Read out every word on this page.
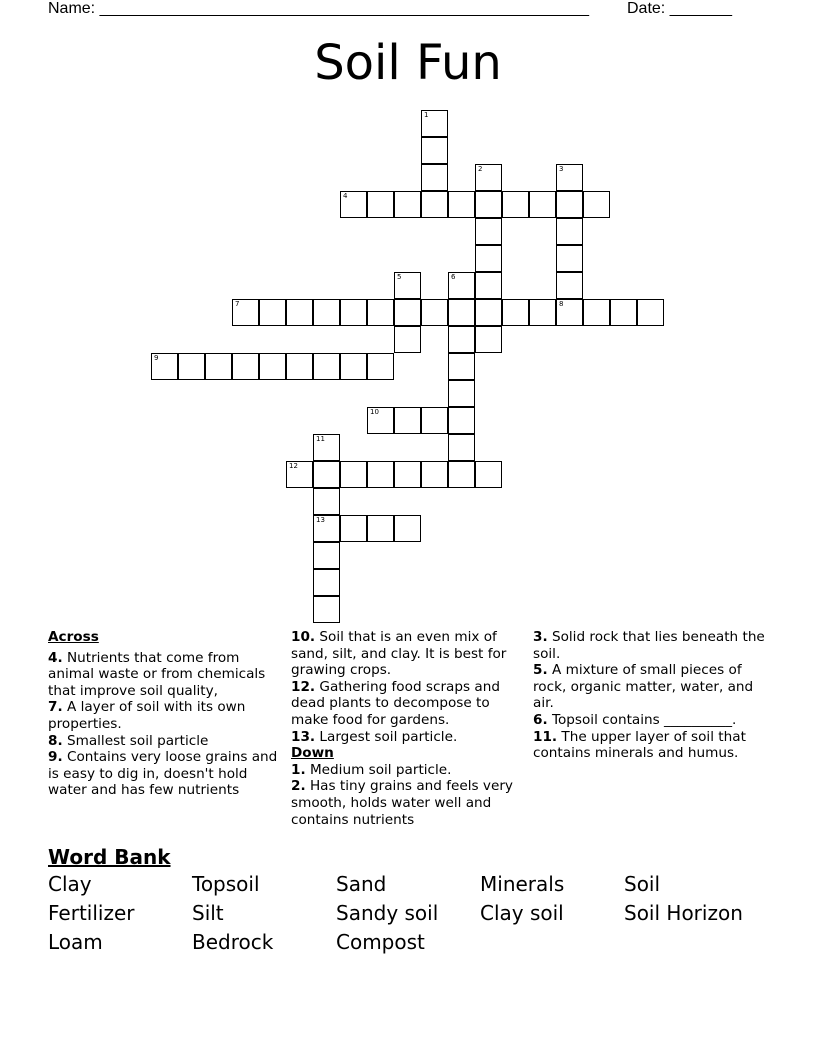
Name: _______________________________________________________ Date: _______
Soil Fun
1
2	3
8
4
5	6
7
9
10
11
13
12

Across

4. Nutrients that come from animal waste or from chemicals that improve soil quality,

7. A layer of soil with its own properties.

8. Smallest soil particle

9. Contains very loose grains and is easy to dig in, doesn't hold water and has few nutrients

10. Soil that is an even mix of sand, silt, and clay. It is best for grawing crops.

12. Gathering food scraps and dead plants to decompose to make food for gardens.

13. Largest soil particle.

Down

1. Medium soil particle.

2. Has tiny grains and feels very smooth, holds water well and contains nutrients

3. Solid rock that lies beneath the soil.

5. A mixture of small pieces of rock, organic matter, water, and air.

6. Topsoil contains __________.

11. The upper layer of soil that contains minerals and humus.

Word Bank
Clay	Topsoil	Sand	Minerals	Soil
Fertilizer	Silt	Sandy soil	Clay soil	Soil Horizon
Loam	Bedrock	Compost
